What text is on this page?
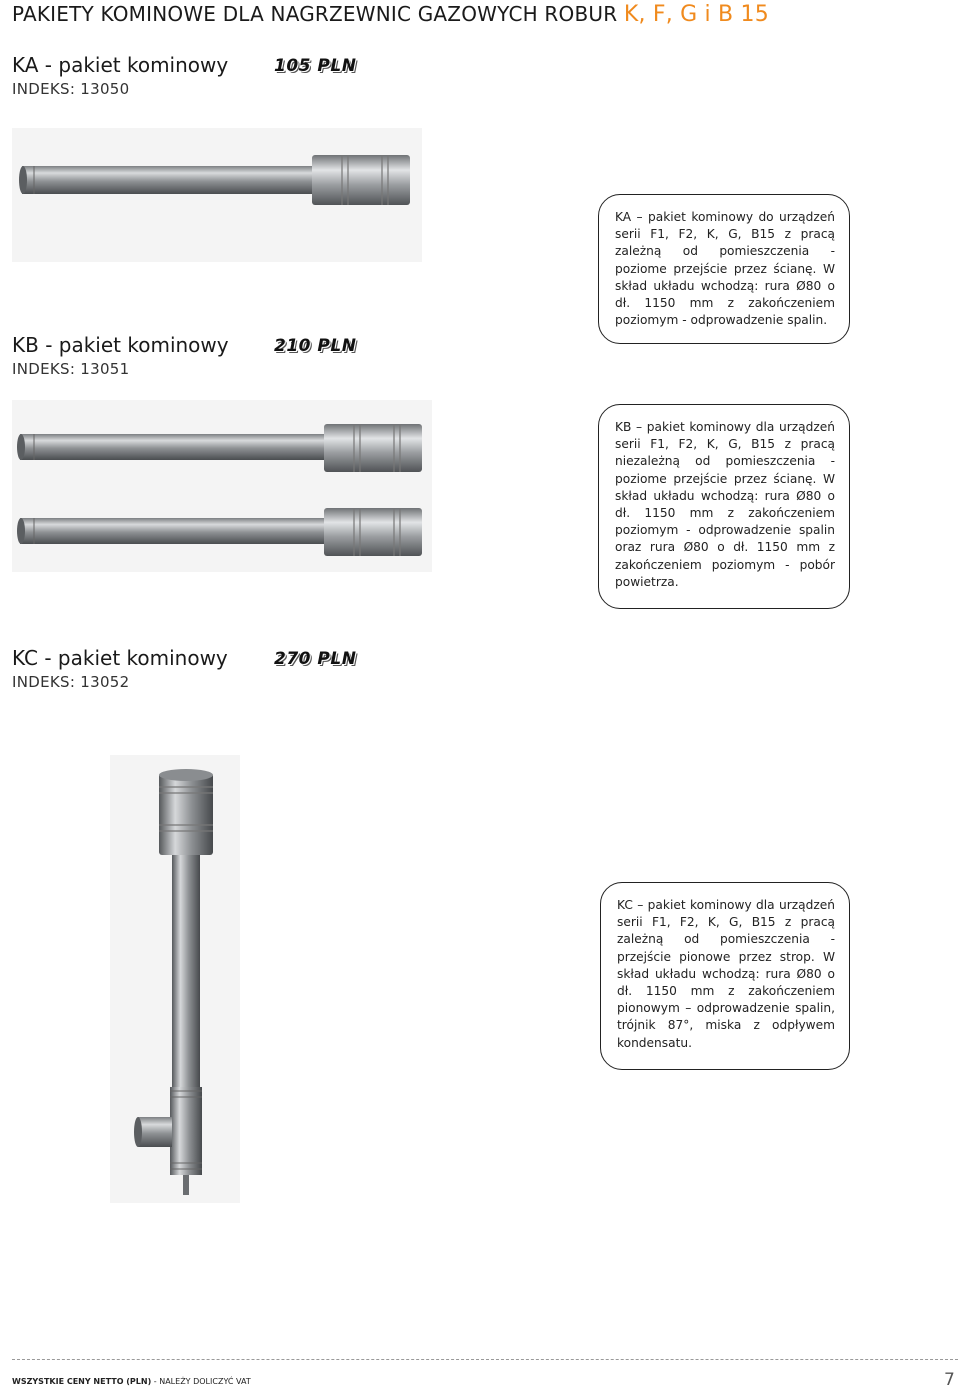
PAKIETY KOMINOWE DLA NAGRZEWNIC GAZOWYCH ROBUR K, F, G i B 15
KA - pakiet kominowy
INDEKS: 13050
105 PLN
KA – pakiet kominowy do urządzeń serii F1, F2, K, G, B15 z pracą zależną od pomieszczenia - poziome przejście przez ścianę. W skład układu wchodzą: rura Ø80 o dł. 1150 mm z zakończeniem poziomym - odprowadzenie spalin.
KB - pakiet kominowy
INDEKS: 13051
210 PLN
KB – pakiet kominowy dla urządzeń serii F1, F2, K, G, B15 z pracą niezależną od pomieszczenia - poziome przejście przez ścianę. W skład układu wchodzą: rura Ø80 o dł. 1150 mm z zakończeniem poziomym - odprowadzenie spalin oraz rura Ø80 o dł. 1150 mm z zakończeniem poziomym - pobór powietrza.
KC - pakiet kominowy
INDEKS: 13052
270 PLN
KC – pakiet kominowy dla urządzeń serii F1, F2, K, G, B15 z pracą zależną od pomieszczenia - przejście pionowe przez strop. W skład układu wchodzą: rura Ø80 o dł. 1150 mm z zakończeniem pionowym – odprowadzenie spalin, trójnik 87°, miska z odpływem kondensatu.
WSZYSTKIE CENY NETTO (PLN) - NALEŻY DOLICZYĆ VAT	7
